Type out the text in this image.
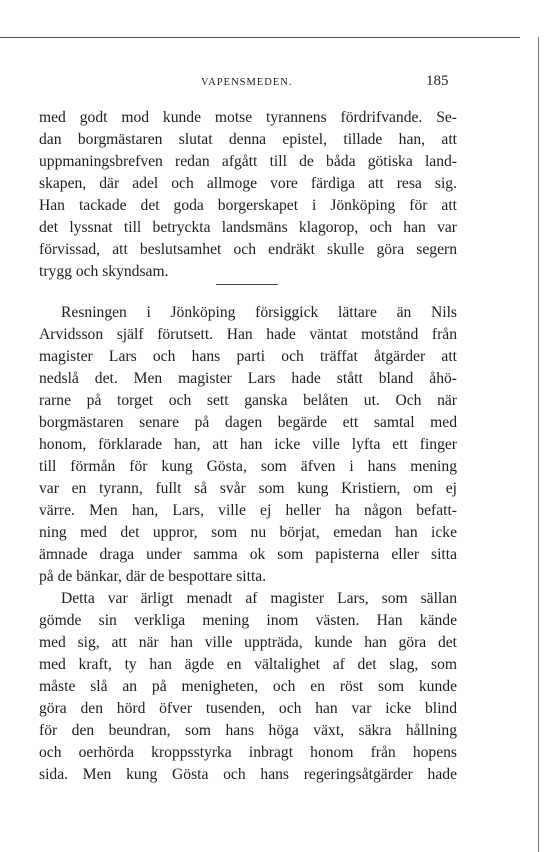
VAPENSMEDEN.	185
med godt mod kunde motse tyrannens fördrifvande. Se-
dan borgmästaren slutat denna epistel, tillade han, att
uppmaningsbrefven redan afgått till de båda götiska land-
skapen, där adel och allmoge vore färdiga att resa sig.
Han tackade det goda borgerskapet i Jönköping för att
det lyssnat till betryckta landsmäns klagorop, och han var
förvissad, att beslutsamhet och endräkt skulle göra segern
trygg och skyndsam.
Resningen i Jönköping försiggick lättare än Nils
Arvidsson själf förutsett. Han hade väntat motstånd från
magister Lars och hans parti och träffat åtgärder att
nedslå det. Men magister Lars hade stått bland åhö-
rarne på torget och sett ganska belåten ut. Och när
borgmästaren senare på dagen begärde ett samtal med
honom, förklarade han, att han icke ville lyfta ett finger
till förmån för kung Gösta, som äfven i hans mening
var en tyrann, fullt så svår som kung Kristiern, om ej
värre. Men han, Lars, ville ej heller ha någon befatt-
ning med det uppror, som nu börjat, emedan han icke
ämnade draga under samma ok som papisterna eller sitta
på de bänkar, där de bespottare sitta.
Detta var ärligt menadt af magister Lars, som sällan
gömde sin verkliga mening inom västen. Han kände
med sig, att när han ville uppträda, kunde han göra det
med kraft, ty han ägde en vältalighet af det slag, som
måste slå an på menigheten, och en röst som kunde
göra den hörd öfver tusenden, och han var icke blind
för den beundran, som hans höga växt, säkra hållning
och oerhörda kroppsstyrka inbragt honom från hopens
sida. Men kung Gösta och hans regeringsåtgärder hade
